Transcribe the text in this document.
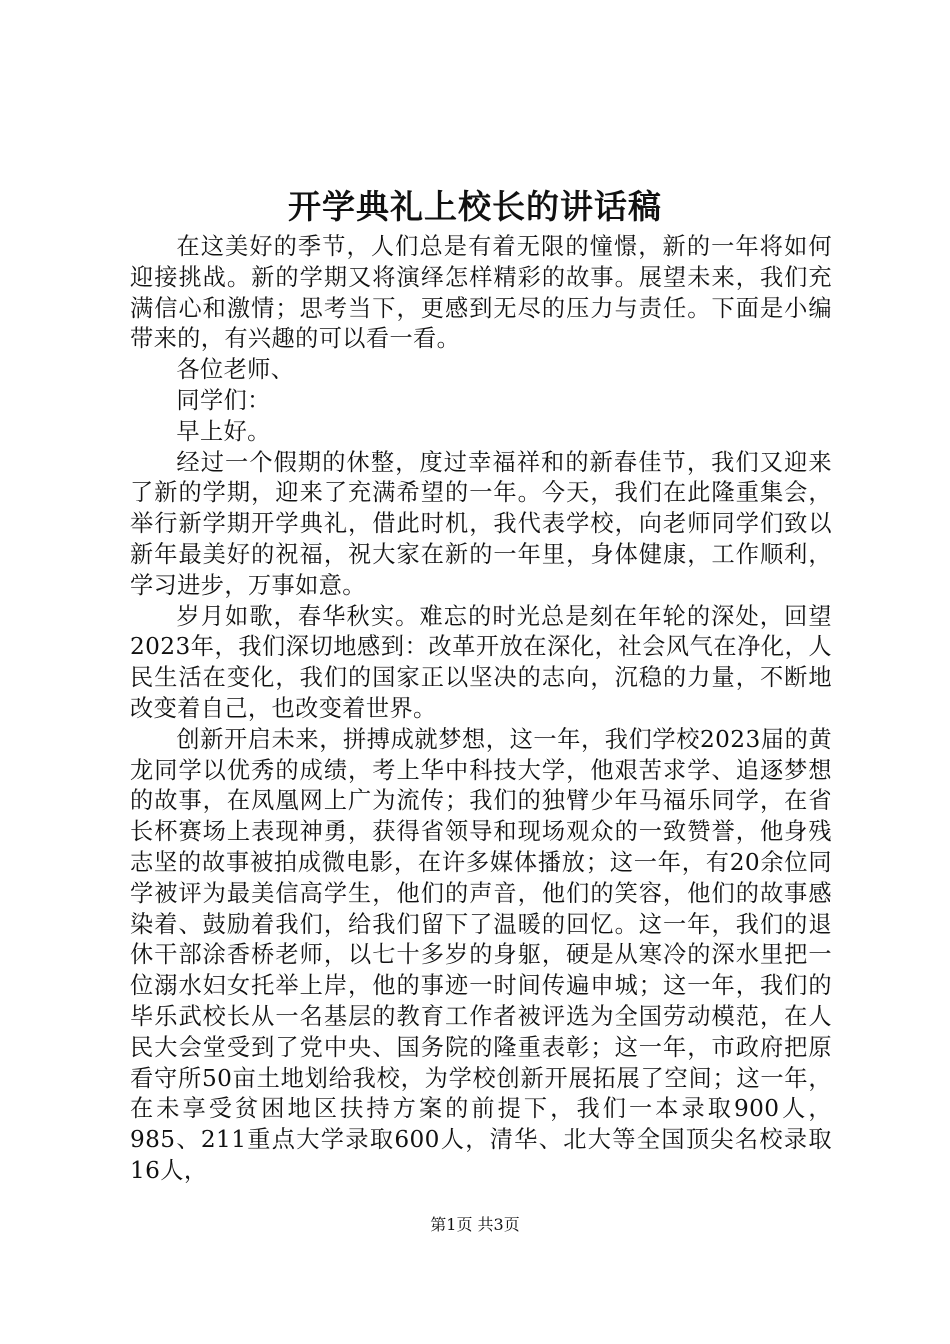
开学典礼上校长的讲话稿

在这美好的季节，人们总是有着无限的憧憬，新的一年将如何迎接挑战。新的学期又将演绎怎样精彩的故事。展望未来，我们充满信心和激情；思考当下，更感到无尽的压力与责任。下面是小编带来的，有兴趣的可以看一看。

各位老师、

同学们：

早上好。

经过一个假期的休整，度过幸福祥和的新春佳节，我们又迎来了新的学期，迎来了充满希望的一年。今天，我们在此隆重集会，举行新学期开学典礼，借此时机，我代表学校，向老师同学们致以新年最美好的祝福，祝大家在新的一年里，身体健康，工作顺利，学习进步，万事如意。

岁月如歌，春华秋实。难忘的时光总是刻在年轮的深处，回望2023年，我们深切地感到：改革开放在深化，社会风气在净化，人民生活在变化，我们的国家正以坚决的志向，沉稳的力量，不断地改变着自己，也改变着世界。

创新开启未来，拼搏成就梦想，这一年，我们学校2023届的黄龙同学以优秀的成绩，考上华中科技大学，他艰苦求学、追逐梦想的故事，在凤凰网上广为流传；我们的独臂少年马福乐同学，在省长杯赛场上表现神勇，获得省领导和现场观众的一致赞誉，他身残志坚的故事被拍成微电影，在许多媒体播放；这一年，有20余位同学被评为最美信高学生，他们的声音，他们的笑容，他们的故事感染着、鼓励着我们，给我们留下了温暖的回忆。这一年，我们的退休干部涂香桥老师，以七十多岁的身躯，硬是从寒冷的深水里把一位溺水妇女托举上岸，他的事迹一时间传遍申城；这一年，我们的毕乐武校长从一名基层的教育工作者被评选为全国劳动模范，在人民大会堂受到了党中央、国务院的隆重表彰；这一年，市政府把原看守所50亩土地划给我校，为学校创新开展拓展了空间；这一年，在未享受贫困地区扶持方案的前提下，我们一本录取900人，985、211重点大学录取600人，清华、北大等全国顶尖名校录取16人，

第1页 共3页
